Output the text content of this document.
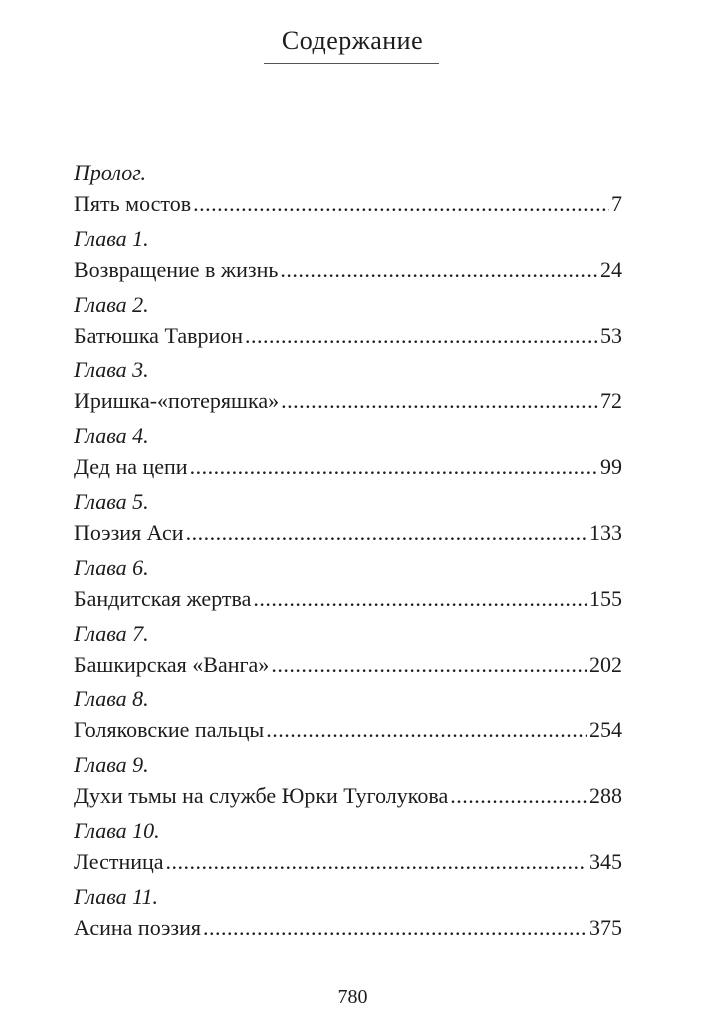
Содержание
Пролог.
Пять мостов .....	7
Глава 1.
Возвращение в жизнь .....	24
Глава 2.
Батюшка Таврион .....	53
Глава 3.
Иришка-«потеряшка» .....	72
Глава 4.
Дед на цепи .....	99
Глава 5.
Поэзия Аси .....	133
Глава 6.
Бандитская жертва .....	155
Глава 7.
Башкирская «Ванга» .....	202
Глава 8.
Голяковские пальцы .....	254
Глава 9.
Духи тьмы на службе Юрки Туголукова .....	288
Глава 10.
Лестница .....	345
Глава 11.
Асина поэзия .....	375
780
